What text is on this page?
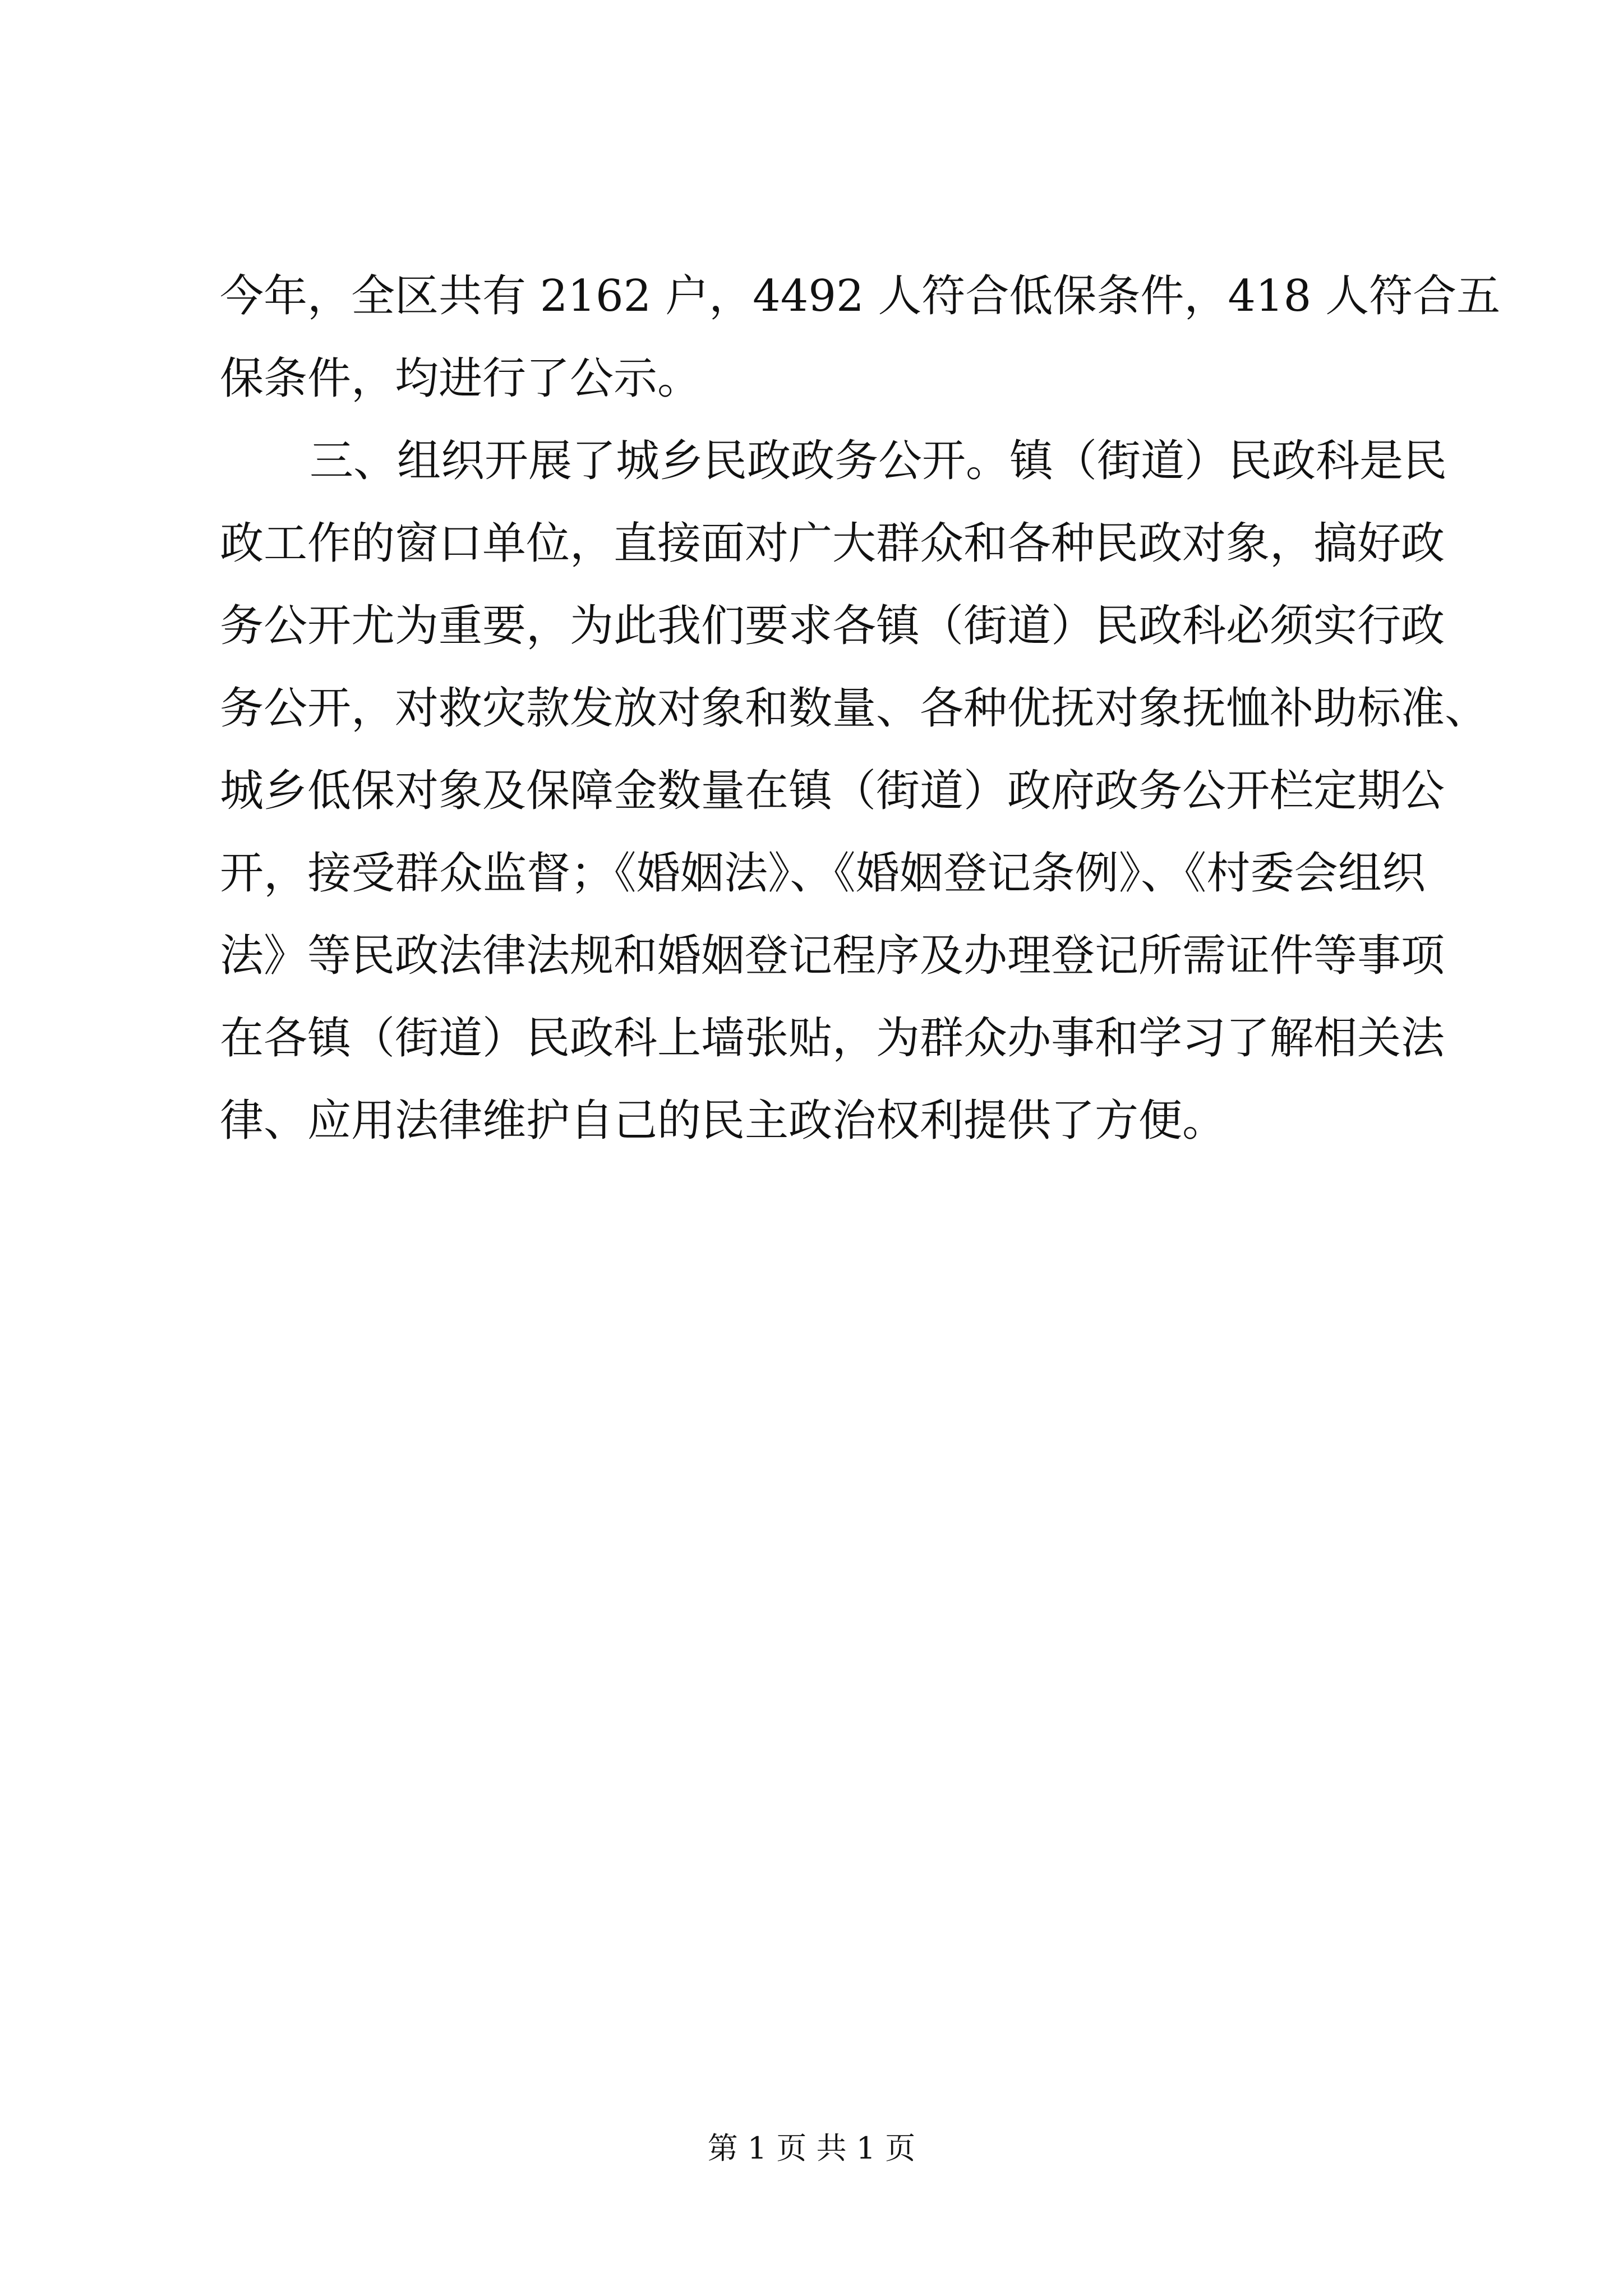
今年，全区共有 2162 户，4492 人符合低保条件，418 人符合五
保条件，均进行了公示。
三、组织开展了城乡民政政务公开。镇（街道）民政科是民
政工作的窗口单位，直接面对广大群众和各种民政对象，搞好政
务公开尤为重要，为此我们要求各镇（街道）民政科必须实行政
务公开，对救灾款发放对象和数量、各种优抚对象抚恤补助标准、
城乡低保对象及保障金数量在镇（街道）政府政务公开栏定期公
开，接受群众监督；《婚姻法》、《婚姻登记条例》、《村委会组织
法》等民政法律法规和婚姻登记程序及办理登记所需证件等事项
在各镇（街道）民政科上墙张贴，为群众办事和学习了解相关法
律、应用法律维护自己的民主政治权利提供了方便。
第 1 页 共 1 页
